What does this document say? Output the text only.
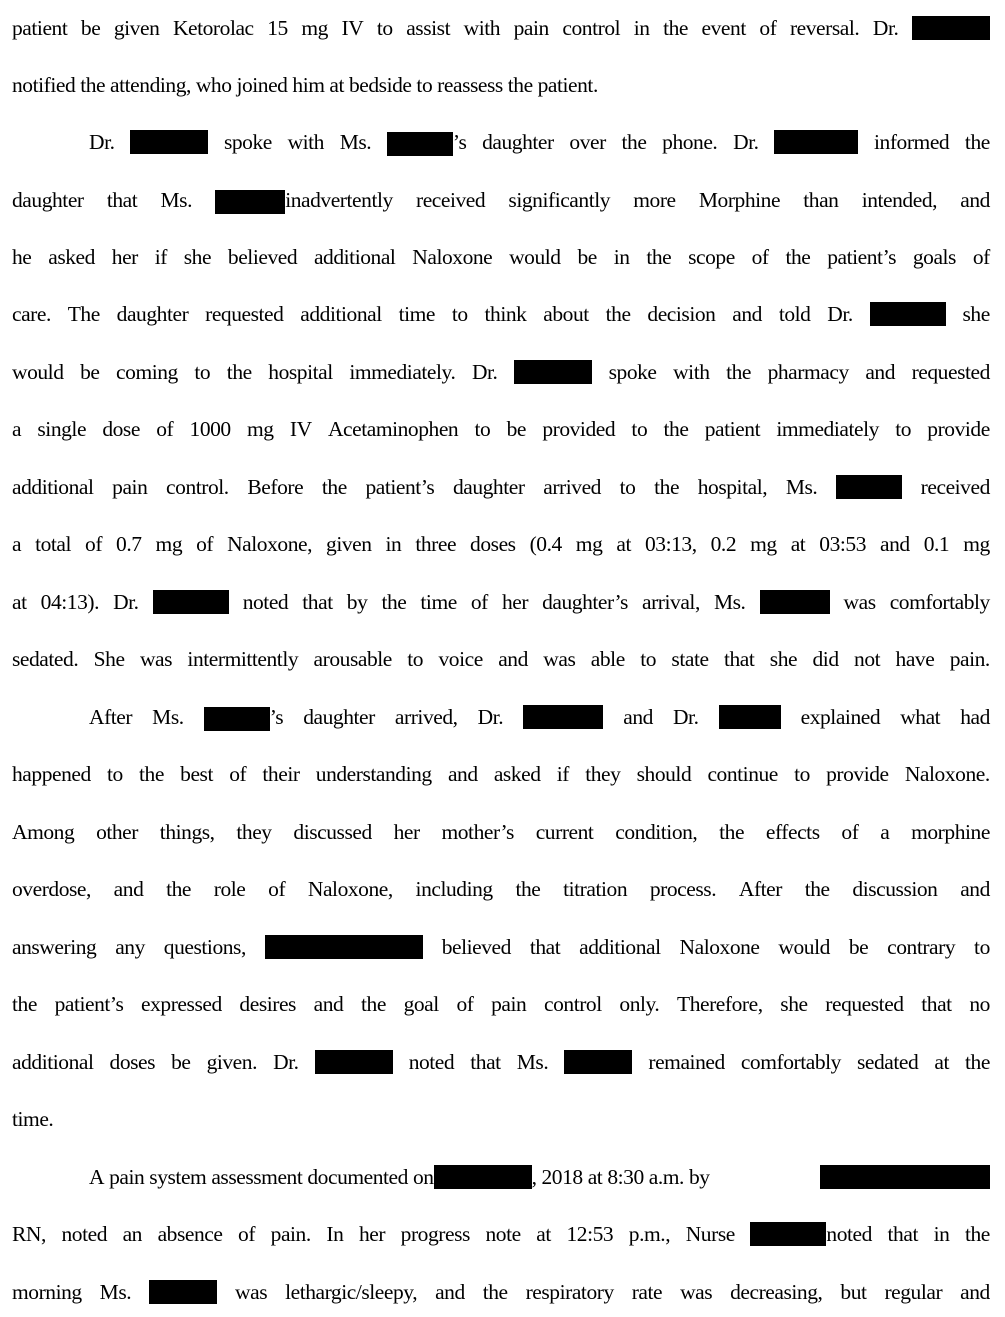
patient be given Ketorolac 15 mg IV to assist with pain control in the event of reversal. Dr.
notified the attending, who joined him at bedside to reassess the patient.
Dr.	spoke with Ms.	’s daughter over the phone. Dr.	informed the
daughter that Ms.	inadvertently received significantly more Morphine than intended, and
he asked her if she believed additional Naloxone would be in the scope of the patient’s goals of
care. The daughter requested additional time to think about the decision and told Dr.	she
would be coming to the hospital immediately. Dr.	spoke with the pharmacy and requested
a single dose of 1000 mg IV Acetaminophen to be provided to the patient immediately to provide
additional pain control. Before the patient’s daughter arrived to the hospital, Ms.	received
a total of 0.7 mg of Naloxone, given in three doses (0.4 mg at 03:13, 0.2 mg at 03:53 and 0.1 mg
at 04:13). Dr.	noted that by the time of her daughter’s arrival, Ms.	was comfortably
sedated. She was intermittently arousable to voice and was able to state that she did not have pain.
After Ms.	’s daughter arrived, Dr.	and Dr.	explained what had
happened to the best of their understanding and asked if they should continue to provide Naloxone.
Among other things, they discussed her mother’s current condition, the effects of a morphine
overdose, and the role of Naloxone, including the titration process. After the discussion and
answering any questions,	believed that additional Naloxone would be contrary to
the patient’s expressed desires and the goal of pain control only. Therefore, she requested that no
additional doses be given. Dr.	noted that Ms.	remained comfortably sedated at the
time.
A pain system assessment documented on	, 2018 at 8:30 a.m. by
RN, noted an absence of pain. In her progress note at 12:53 p.m., Nurse	noted that in the
morning Ms.	was lethargic/sleepy, and the respiratory rate was decreasing, but regular and
